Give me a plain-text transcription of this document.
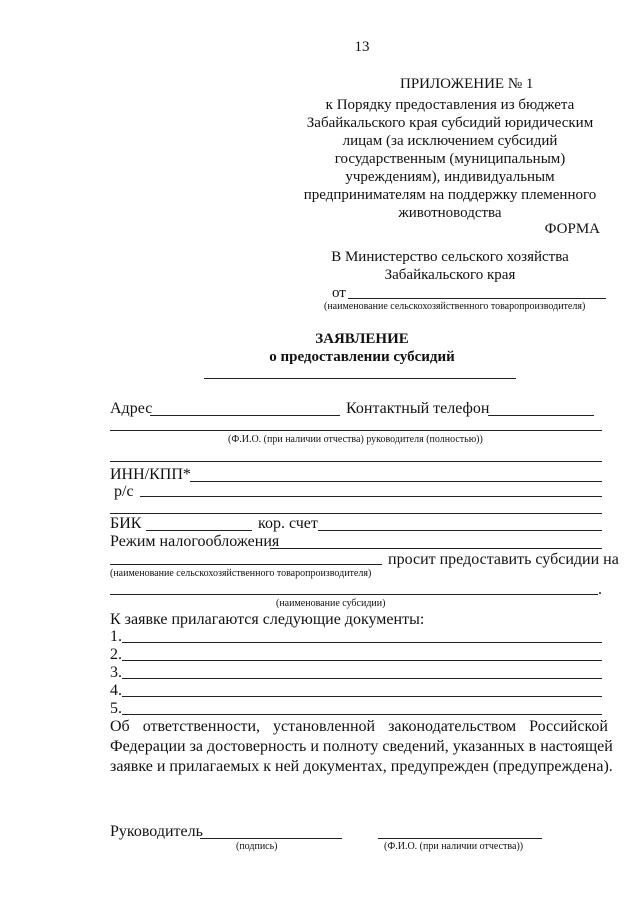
13
ПРИЛОЖЕНИЕ № 1
к Порядку предоставления из бюджета
Забайкальского края субсидий юридическим
лицам (за исключением субсидий
государственным (муниципальным)
учреждениям), индивидуальным
предпринимателям на поддержку племенного
животноводства
ФОРМА
В Министерство сельского хозяйства
Забайкальского края
от
(наименование сельскохозяйственного товаропроизводителя)
ЗАЯВЛЕНИЕ
о предоставлении субсидий
Адрес	Контактный телефон
(Ф.И.О. (при наличии отчества) руководителя (полностью))
ИНН/КПП*
р/с
БИК	кор. счет
Режим налогообложения
просит предоставить субсидии на
(наименование сельскохозяйственного товаропроизводителя)
.
(наименование субсидии)
К заявке прилагаются следующие документы:
1.
2.
3.
4.
5.
Об ответственности, установленной законодательством Российской
Федерации за достоверность и полноту сведений, указанных в настоящей
заявке и прилагаемых к ней документах, предупрежден (предупреждена).
Руководитель
(подпись)	(Ф.И.О. (при наличии отчества))
